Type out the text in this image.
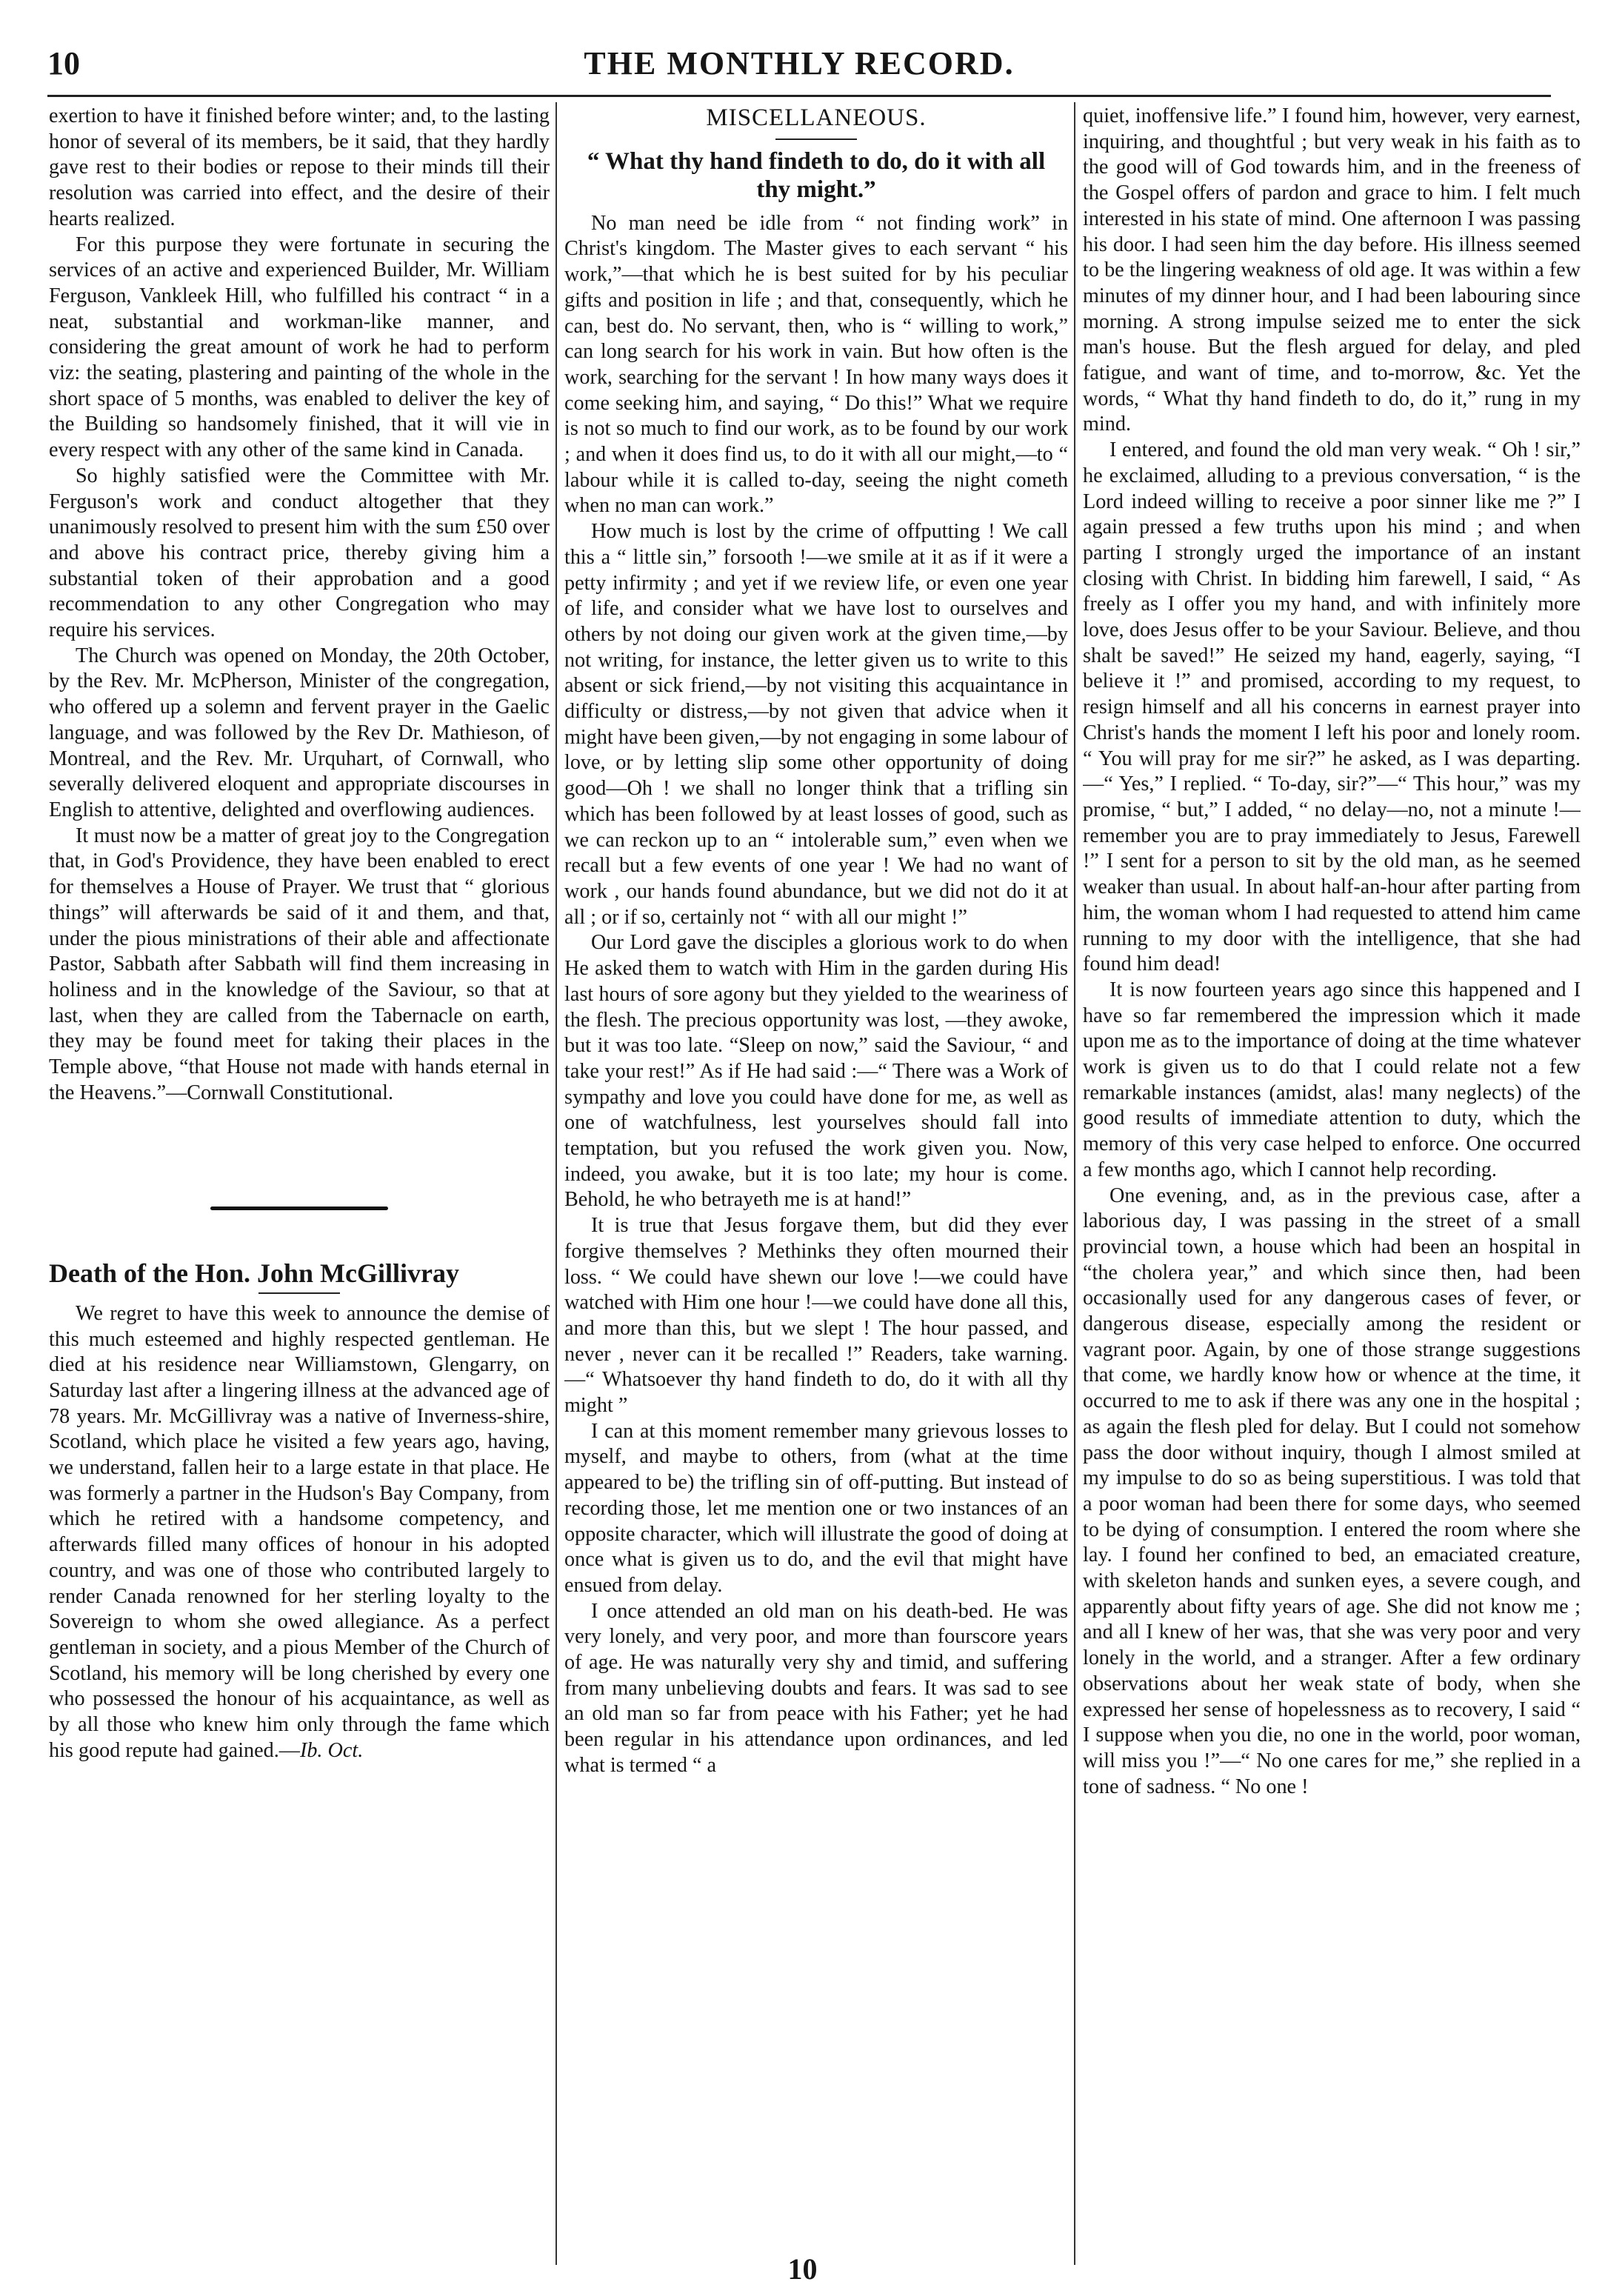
10	THE MONTHLY RECORD.

exertion to have it finished before winter; and, to the lasting honor of several of its members, be it said, that they hardly gave rest to their bodies or repose to their minds till their resolution was carried into effect, and the desire of their hearts realized.

For this purpose they were fortunate in securing the services of an active and experienced Builder, Mr. William Ferguson, Vankleek Hill, who fulfilled his contract “ in a neat, substantial and workman-like manner, and considering the great amount of work he had to perform viz: the seating, plastering and painting of the whole in the short space of 5 months, was enabled to deliver the key of the Building so handsomely finished, that it will vie in every respect with any other of the same kind in Canada.

So highly satisfied were the Committee with Mr. Ferguson's work and conduct altogether that they unanimously resolved to present him with the sum £50 over and above his contract price, thereby giving him a substantial token of their approbation and a good recommendation to any other Congregation who may require his services.

The Church was opened on Monday, the 20th October, by the Rev. Mr. McPherson, Minister of the congregation, who offered up a solemn and fervent prayer in the Gaelic language, and was followed by the Rev Dr. Mathieson, of Montreal, and the Rev. Mr. Urquhart, of Cornwall, who severally delivered eloquent and appropriate discourses in English to attentive, delighted and overflowing audiences.

It must now be a matter of great joy to the Congregation that, in God's Providence, they have been enabled to erect for themselves a House of Prayer. We trust that “ glorious things” will afterwards be said of it and them, and that, under the pious ministrations of their able and affectionate Pastor, Sabbath after Sabbath will find them increasing in holiness and in the knowledge of the Saviour, so that at last, when they are called from the Tabernacle on earth, they may be found meet for taking their places in the Temple above, “that House not made with hands eternal in the Heavens.”—Cornwall Constitutional.

Death of the Hon. John McGillivray

We regret to have this week to announce the demise of this much esteemed and highly respected gentleman. He died at his residence near Williamstown, Glengarry, on Saturday last after a lingering illness at the advanced age of 78 years. Mr. McGillivray was a native of Inverness-shire, Scotland, which place he visited a few years ago, having, we understand, fallen heir to a large estate in that place. He was formerly a partner in the Hudson's Bay Company, from which he retired with a handsome competency, and afterwards filled many offices of honour in his adopted country, and was one of those who contributed largely to render Canada renowned for her sterling loyalty to the Sovereign to whom she owed allegiance. As a perfect gentleman in society, and a pious Member of the Church of Scotland, his memory will be long cherished by every one who possessed the honour of his acquaintance, as well as by all those who knew him only through the fame which his good repute had gained.—Ib. Oct.

MISCELLANEOUS.
“ What thy hand findeth to do, do it with all thy might.”

No man need be idle from “ not finding work” in Christ's kingdom. The Master gives to each servant “ his work,”—that which he is best suited for by his peculiar gifts and position in life ; and that, consequently, which he can, best do. No servant, then, who is “ willing to work,” can long search for his work in vain. But how often is the work, searching for the servant ! In how many ways does it come seeking him, and saying, “ Do this!” What we require is not so much to find our work, as to be found by our work ; and when it does find us, to do it with all our might,—to “ labour while it is called to-day, seeing the night cometh when no man can work.”

How much is lost by the crime of offputting ! We call this a “ little sin,” forsooth !—we smile at it as if it were a petty infirmity ; and yet if we review life, or even one year of life, and consider what we have lost to ourselves and others by not doing our given work at the given time,—by not writing, for instance, the letter given us to write to this absent or sick friend,—by not visiting this acquaintance in difficulty or distress,—by not given that advice when it might have been given,—by not engaging in some labour of love, or by letting slip some other opportunity of doing good—Oh ! we shall no longer think that a trifling sin which has been followed by at least losses of good, such as we can reckon up to an “ intolerable sum,” even when we recall but a few events of one year ! We had no want of work , our hands found abundance, but we did not do it at all ; or if so, certainly not “ with all our might !”

Our Lord gave the disciples a glorious work to do when He asked them to watch with Him in the garden during His last hours of sore agony but they yielded to the weariness of the flesh. The precious opportunity was lost, —they awoke, but it was too late. “Sleep on now,” said the Saviour, “ and take your rest!” As if He had said :—“ There was a Work of sympathy and love you could have done for me, as well as one of watchfulness, lest yourselves should fall into temptation, but you refused the work given you. Now, indeed, you awake, but it is too late; my hour is come. Behold, he who betrayeth me is at hand!”

It is true that Jesus forgave them, but did they ever forgive themselves ? Methinks they often mourned their loss. “ We could have shewn our love !—we could have watched with Him one hour !—we could have done all this, and more than this, but we slept ! The hour passed, and never , never can it be recalled !” Readers, take warning.—“ Whatsoever thy hand findeth to do, do it with all thy might ”

I can at this moment remember many grievous losses to myself, and maybe to others, from (what at the time appeared to be) the trifling sin of off-putting. But instead of recording those, let me mention one or two instances of an opposite character, which will illustrate the good of doing at once what is given us to do, and the evil that might have ensued from delay.

I once attended an old man on his death-bed. He was very lonely, and very poor, and more than fourscore years of age. He was naturally very shy and timid, and suffering from many unbelieving doubts and fears. It was sad to see an old man so far from peace with his Father; yet he had been regular in his attendance upon ordinances, and led what is termed “ a

quiet, inoffensive life.” I found him, however, very earnest, inquiring, and thoughtful ; but very weak in his faith as to the good will of God towards him, and in the freeness of the Gospel offers of pardon and grace to him. I felt much interested in his state of mind. One afternoon I was passing his door. I had seen him the day before. His illness seemed to be the lingering weakness of old age. It was within a few minutes of my dinner hour, and I had been labouring since morning. A strong impulse seized me to enter the sick man's house. But the flesh argued for delay, and pled fatigue, and want of time, and to-morrow, &c. Yet the words, “ What thy hand findeth to do, do it,” rung in my mind.

I entered, and found the old man very weak. “ Oh ! sir,” he exclaimed, alluding to a previous conversation, “ is the Lord indeed willing to receive a poor sinner like me ?” I again pressed a few truths upon his mind ; and when parting I strongly urged the importance of an instant closing with Christ. In bidding him farewell, I said, “ As freely as I offer you my hand, and with infinitely more love, does Jesus offer to be your Saviour. Believe, and thou shalt be saved!” He seized my hand, eagerly, saying, “I believe it !” and promised, according to my request, to resign himself and all his concerns in earnest prayer into Christ's hands the moment I left his poor and lonely room. “ You will pray for me sir?” he asked, as I was departing.—“ Yes,” I replied. “ To-day, sir?”—“ This hour,” was my promise, “ but,” I added, “ no delay—no, not a minute !—remember you are to pray immediately to Jesus, Farewell !” I sent for a person to sit by the old man, as he seemed weaker than usual. In about half-an-hour after parting from him, the woman whom I had requested to attend him came running to my door with the intelligence, that she had found him dead!

It is now fourteen years ago since this happened and I have so far remembered the impression which it made upon me as to the importance of doing at the time whatever work is given us to do that I could relate not a few remarkable instances (amidst, alas! many neglects) of the good results of immediate attention to duty, which the memory of this very case helped to enforce. One occurred a few months ago, which I cannot help recording.

One evening, and, as in the previous case, after a laborious day, I was passing in the street of a small provincial town, a house which had been an hospital in “the cholera year,” and which since then, had been occasionally used for any dangerous cases of fever, or dangerous disease, especially among the resident or vagrant poor. Again, by one of those strange suggestions that come, we hardly know how or whence at the time, it occurred to me to ask if there was any one in the hospital ; as again the flesh pled for delay. But I could not somehow pass the door without inquiry, though I almost smiled at my impulse to do so as being superstitious. I was told that a poor woman had been there for some days, who seemed to be dying of consumption. I entered the room where she lay. I found her confined to bed, an emaciated creature, with skeleton hands and sunken eyes, a severe cough, and apparently about fifty years of age. She did not know me ; and all I knew of her was, that she was very poor and very lonely in the world, and a stranger. After a few ordinary observations about her weak state of body, when she expressed her sense of hopelessness as to recovery, I said “ I suppose when you die, no one in the world, poor woman, will miss you !”—“ No one cares for me,” she replied in a tone of sadness. “ No one !

10
